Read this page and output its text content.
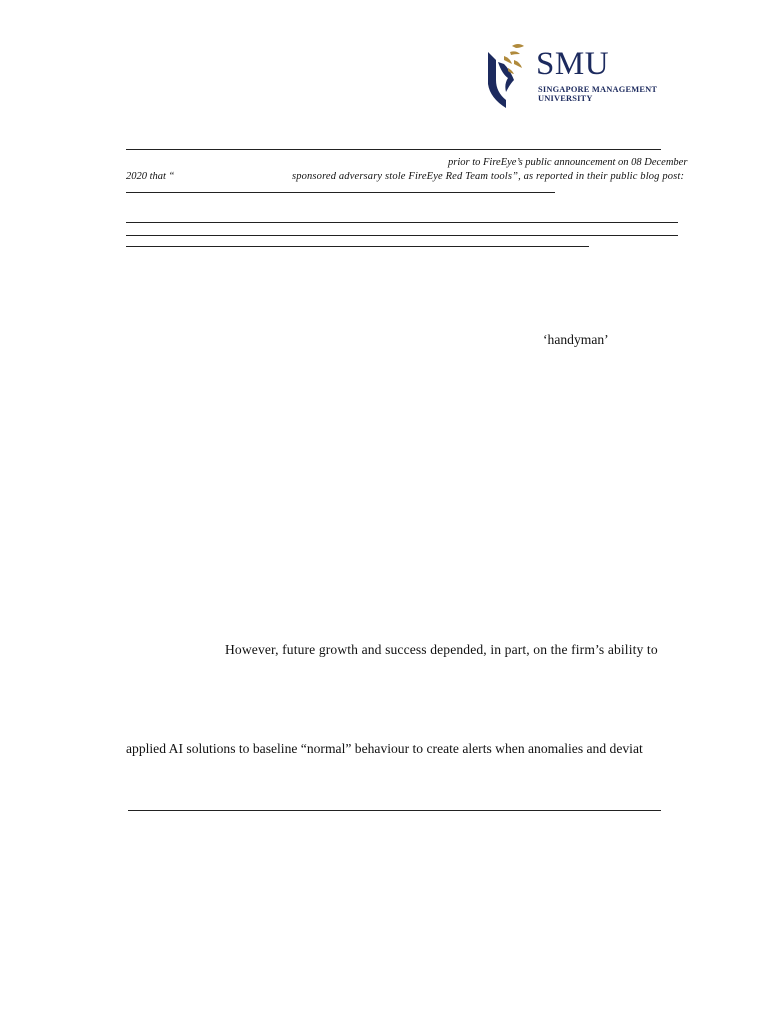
SMU
SINGAPORE MANAGEMENT
UNIVERSITY
prior to FireEye’s public announcement on 08 December
2020 that “	sponsored adversary stole FireEye Red Team tools”, as reported in their public blog post:
‘handyman’
However, future growth and success depended, in part, on the firm’s ability to
applied AI solutions to baseline “normal” behaviour to create alerts when anomalies and deviat
